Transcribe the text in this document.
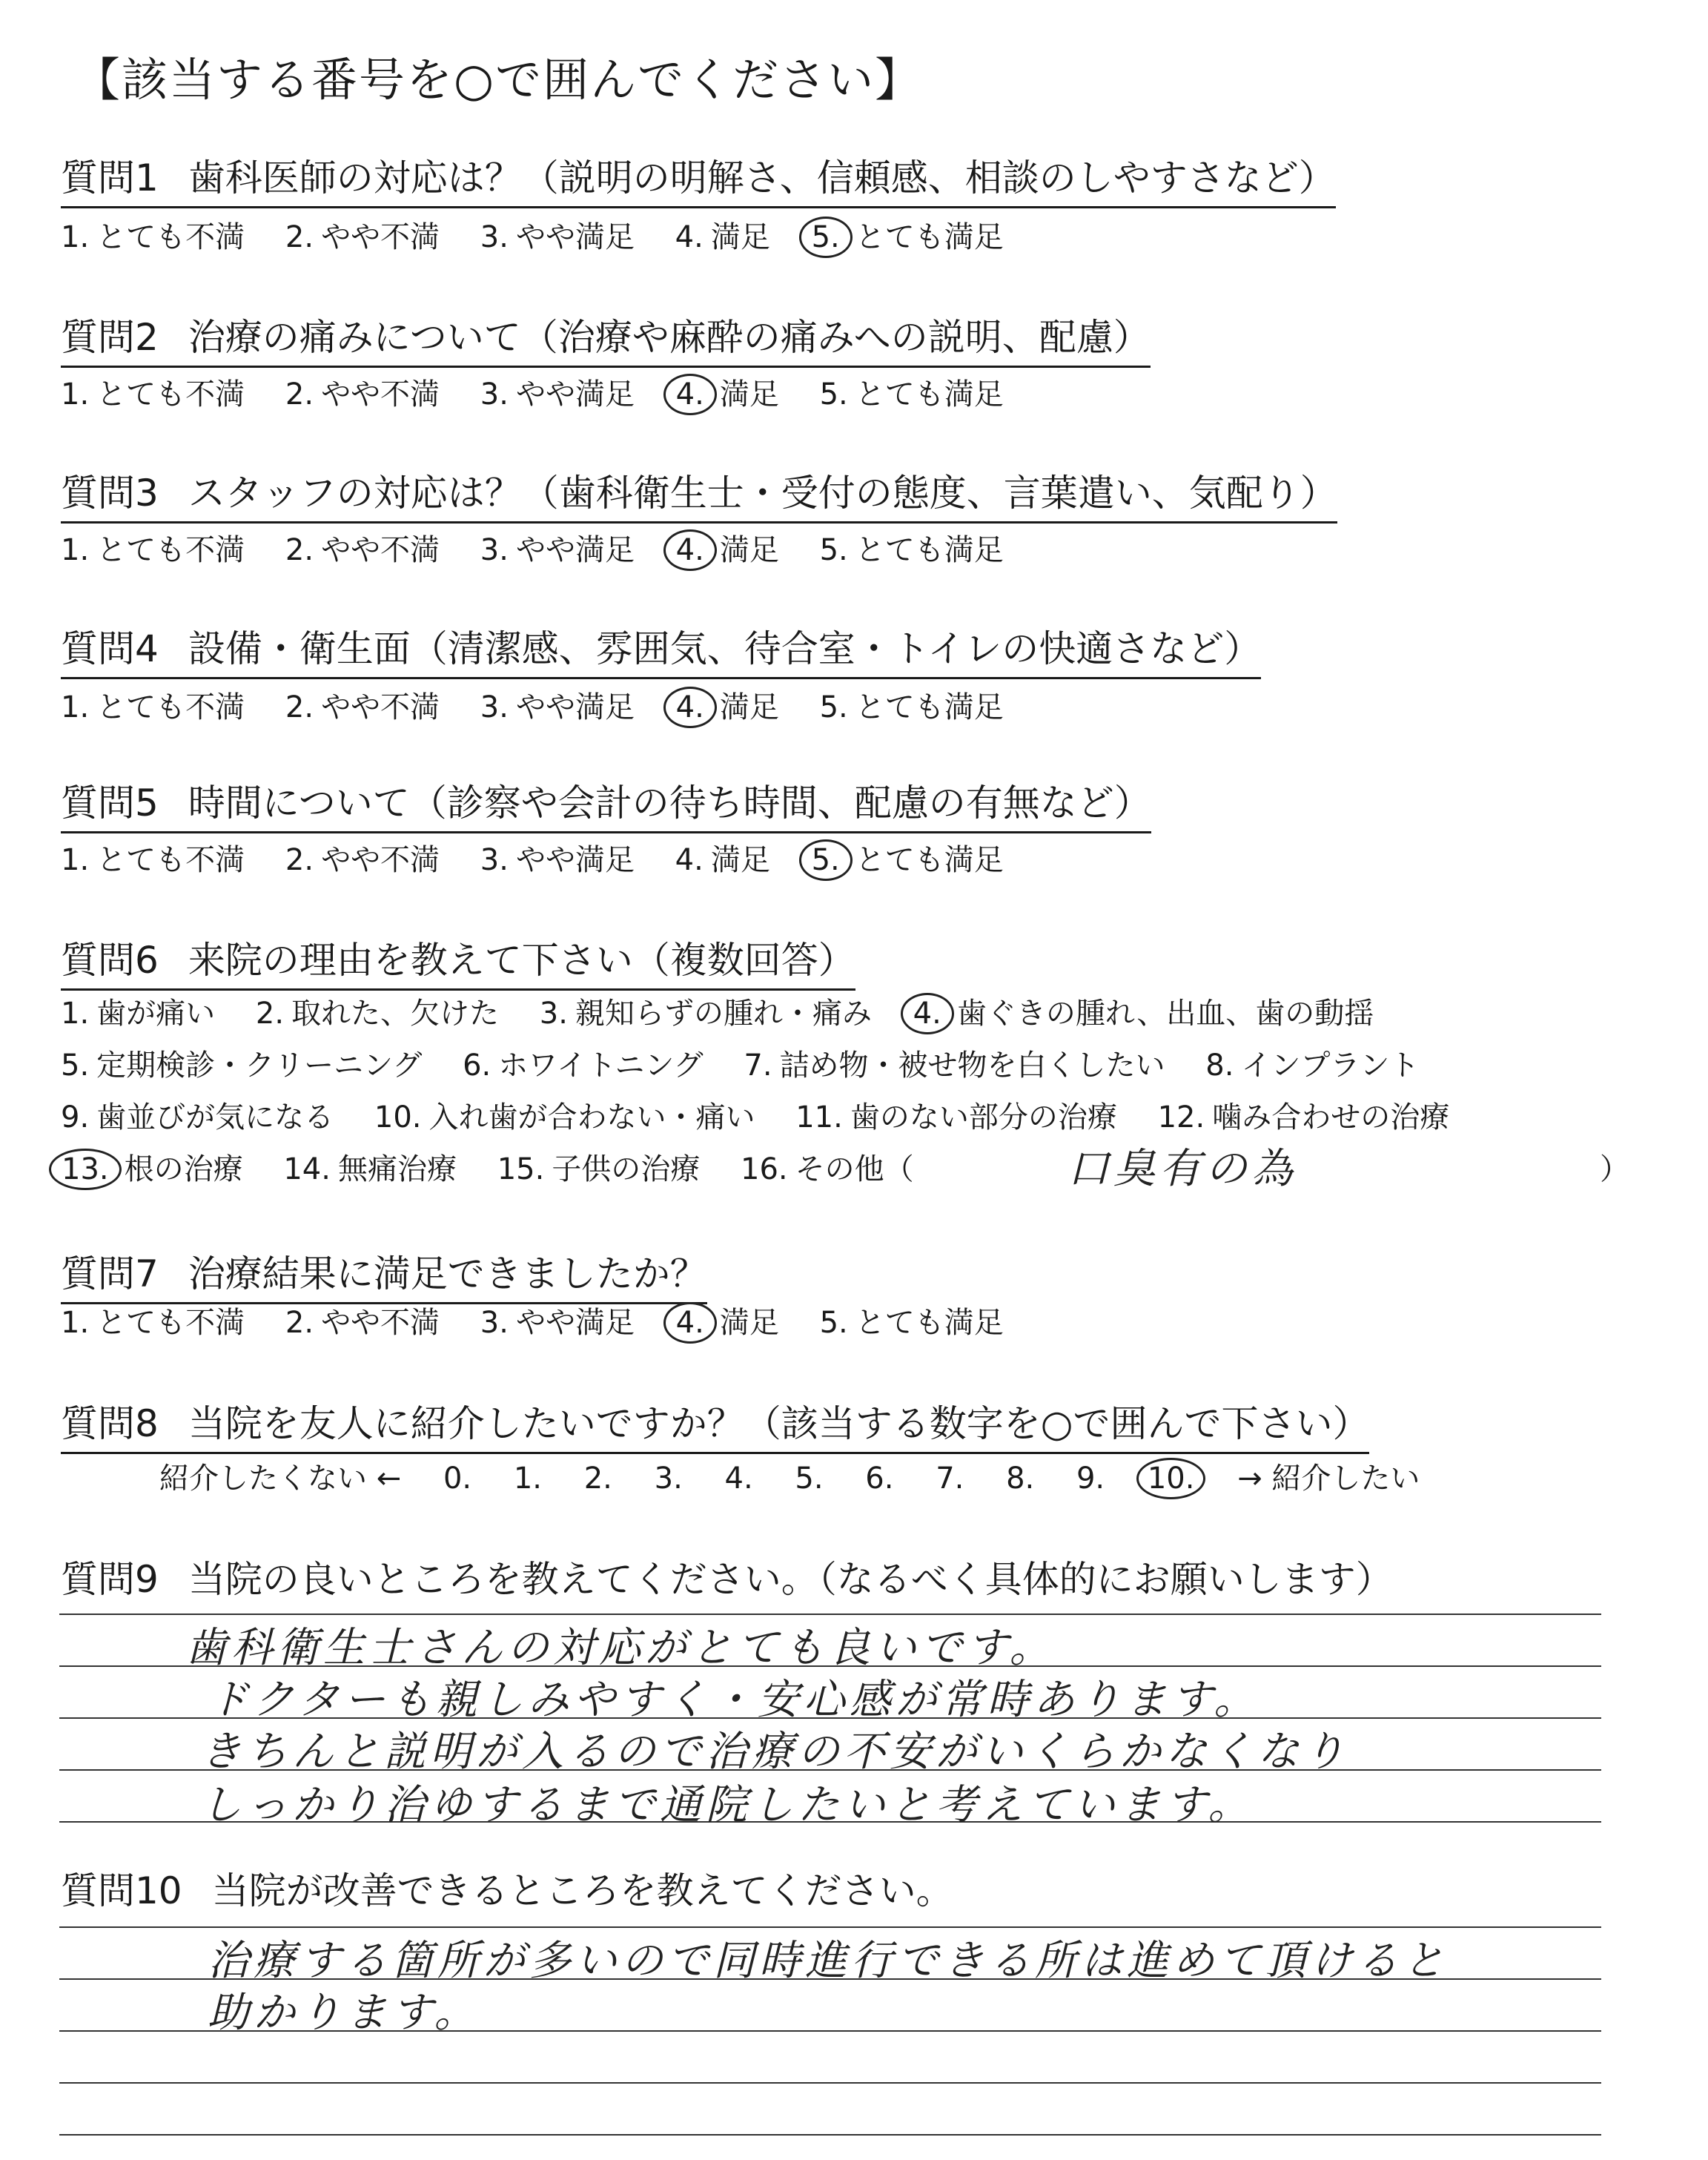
【該当する番号を○で囲んでください】
質問1 歯科医師の対応は？（説明の明解さ、信頼感、相談のしやすさなど）
1. とても不満 2. やや不満 3. やや満足 4. 満足 5. とても満足
質問2 治療の痛みについて（治療や麻酔の痛みへの説明、配慮）
1. とても不満 2. やや不満 3. やや満足 4. 満足 5. とても満足
質問3 スタッフの対応は？（歯科衛生士・受付の態度、言葉遣い、気配り）
1. とても不満 2. やや不満 3. やや満足 4. 満足 5. とても満足
質問4 設備・衛生面（清潔感、雰囲気、待合室・トイレの快適さなど）
1. とても不満 2. やや不満 3. やや満足 4. 満足 5. とても満足
質問5 時間について（診察や会計の待ち時間、配慮の有無など）
1. とても不満 2. やや不満 3. やや満足 4. 満足 5. とても満足
質問6 来院の理由を教えて下さい（複数回答）
1. 歯が痛い 2. 取れた、欠けた 3. 親知らずの腫れ・痛み 4. 歯ぐきの腫れ、出血、歯の動揺
5. 定期検診・クリーニング 6. ホワイトニング 7. 詰め物・被せ物を白くしたい 8. インプラント
9. 歯並びが気になる 10. 入れ歯が合わない・痛い 11. 歯のない部分の治療 12. 噛み合わせの治療
13. 根の治療 14. 無痛治療 15. 子供の治療 16. その他（	口臭有の為	）
質問7 治療結果に満足できましたか？
1. とても不満 2. やや不満 3. やや満足 4. 満足 5. とても満足
質問8 当院を友人に紹介したいですか？（該当する数字を○で囲んで下さい）
紹介したくない ← 0. 1. 2. 3. 4. 5. 6. 7. 8. 9. 10. → 紹介したい
質問9 当院の良いところを教えてください。（なるべく具体的にお願いします）
歯科衛生士さんの対応がとても良いです。
ドクターも親しみやすく・安心感が常時あります。
きちんと説明が入るので治療の不安がいくらかなくなり
しっかり治ゆするまで通院したいと考えています。
質問10 当院が改善できるところを教えてください。
治療する箇所が多いので同時進行できる所は進めて頂けると
助かります。
